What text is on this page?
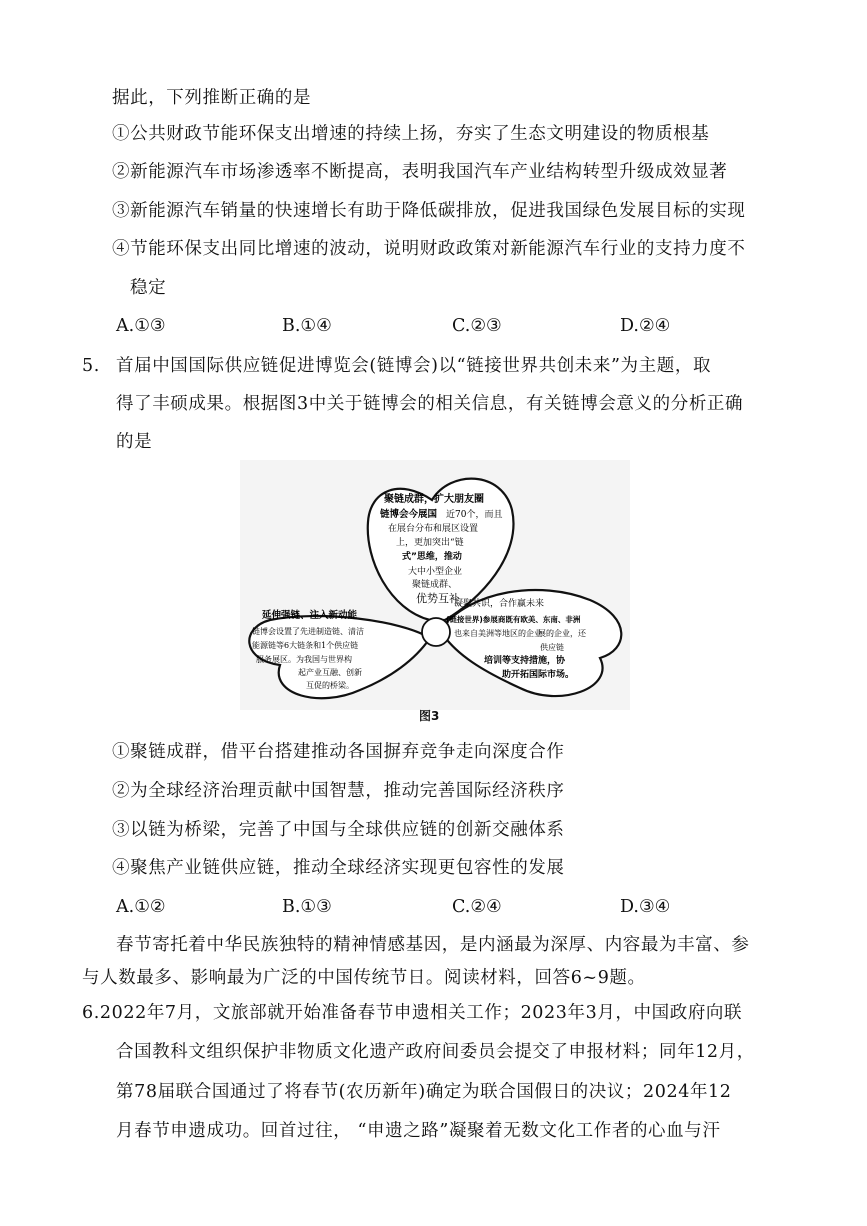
据此，下列推断正确的是
①公共财政节能环保支出增速的持续上扬，夯实了生态文明建设的物质根基
②新能源汽车市场渗透率不断提高，表明我国汽车产业结构转型升级成效显著
③新能源汽车销量的快速增长有助于降低碳排放，促进我国绿色发展目标的实现
④节能环保支出同比增速的波动，说明财政政策对新能源汽车行业的支持力度不
稳定
A.①③	B.①④	C.②③	D.②④
5. 首届中国国际供应链促进博览会(链博会)以“链接世界共创未来”为主题，取
得了丰硕成果。根据图3中关于链博会的相关信息，有关链博会意义的分析正确
的是
聚链成群，扩大朋友圈
链博会今展国 近70个，而且
在展台分布和展区设置
上，更加突出“链
式”思维，推动
大中小型企业
聚链成群、
优势互补
延伸强链、注入新动能
链博会设置了先进制造链、清洁
能源链等6大链条和1个供应链
服务展区。为我国与世界构
起产业互融、创新
互促的桥梁。
凝聚共识，合作赢未来
(链接世界)参展商既有欧美、东南、非洲
展的企业，还
也来自美洲等地区的企业
供应链
培训等支持措施，协
助开拓国际市场。
图3
①聚链成群，借平台搭建推动各国摒弃竞争走向深度合作
②为全球经济治理贡献中国智慧，推动完善国际经济秩序
③以链为桥梁，完善了中国与全球供应链的创新交融体系
④聚焦产业链供应链，推动全球经济实现更包容性的发展
A.①②	B.①③	C.②④	D.③④
春节寄托着中华民族独特的精神情感基因，是内涵最为深厚、内容最为丰富、参
与人数最多、影响最为广泛的中国传统节日。阅读材料，回答6~9题。
6.2022年7月，文旅部就开始准备春节申遗相关工作；2023年3月，中国政府向联
合国教科文组织保护非物质文化遗产政府间委员会提交了申报材料；同年12月，
第78届联合国通过了将春节(农历新年)确定为联合国假日的决议；2024年12
月春节申遗成功。回首过往， “申遗之路”凝聚着无数文化工作者的心血与汗
